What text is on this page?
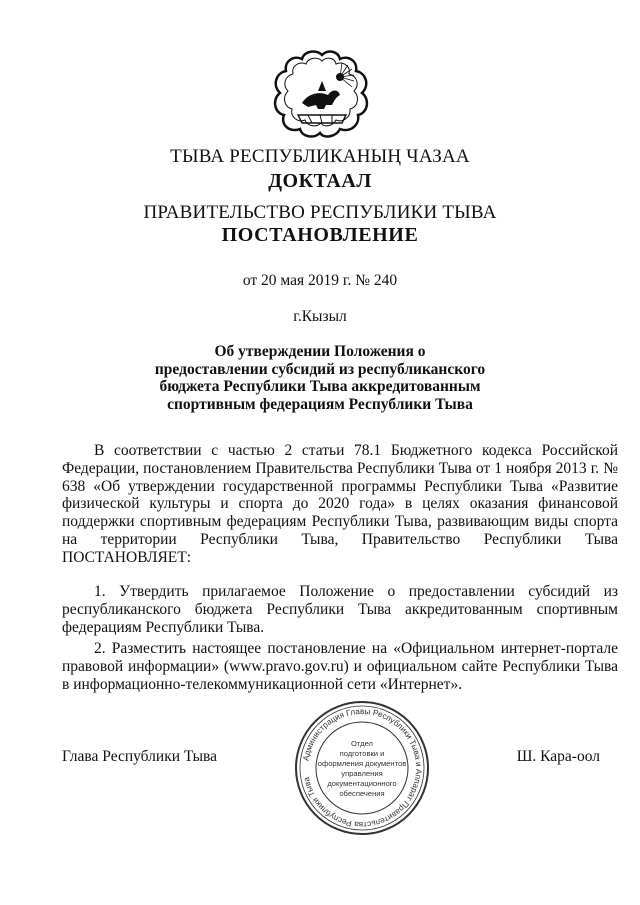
ТЫВА РЕСПУБЛИКАНЫҢ ЧАЗАА
ДОКТААЛ
ПРАВИТЕЛЬСТВО РЕСПУБЛИКИ ТЫВА
ПОСТАНОВЛЕНИЕ
от 20 мая 2019 г. № 240
г.Кызыл
Об утверждении Положения о
предоставлении субсидий из республиканского
бюджета Республики Тыва аккредитованным
спортивным федерациям Республики Тыва
В соответствии с частью 2 статьи 78.1 Бюджетного кодекса Российской Федерации, постановлением Правительства Республики Тыва от 1 ноября 2013 г. № 638 «Об утверждении государственной программы Республики Тыва «Развитие физической культуры и спорта до 2020 года» в целях оказания финансовой поддержки спортивным федерациям Республики Тыва, развивающим виды спорта на территории Республики Тыва, Правительство Республики Тыва ПОСТАНОВЛЯЕТ:
1. Утвердить прилагаемое Положение о предоставлении субсидий из республиканского бюджета Республики Тыва аккредитованным спортивным федерациям Республики Тыва.
2. Разместить настоящее постановление на «Официальном интернет-портале правовой информации» (www.pravo.gov.ru) и официальном сайте Республики Тыва в информационно-телекоммуникационной сети «Интернет».
Глава Республики Тыва	Ш. Кара-оол
Администрация Главы Республики Тыва и Аппарат Правительства Республики Тыва
Отдел
подготовки и
оформления документов
управления
документационного
обеспечения
